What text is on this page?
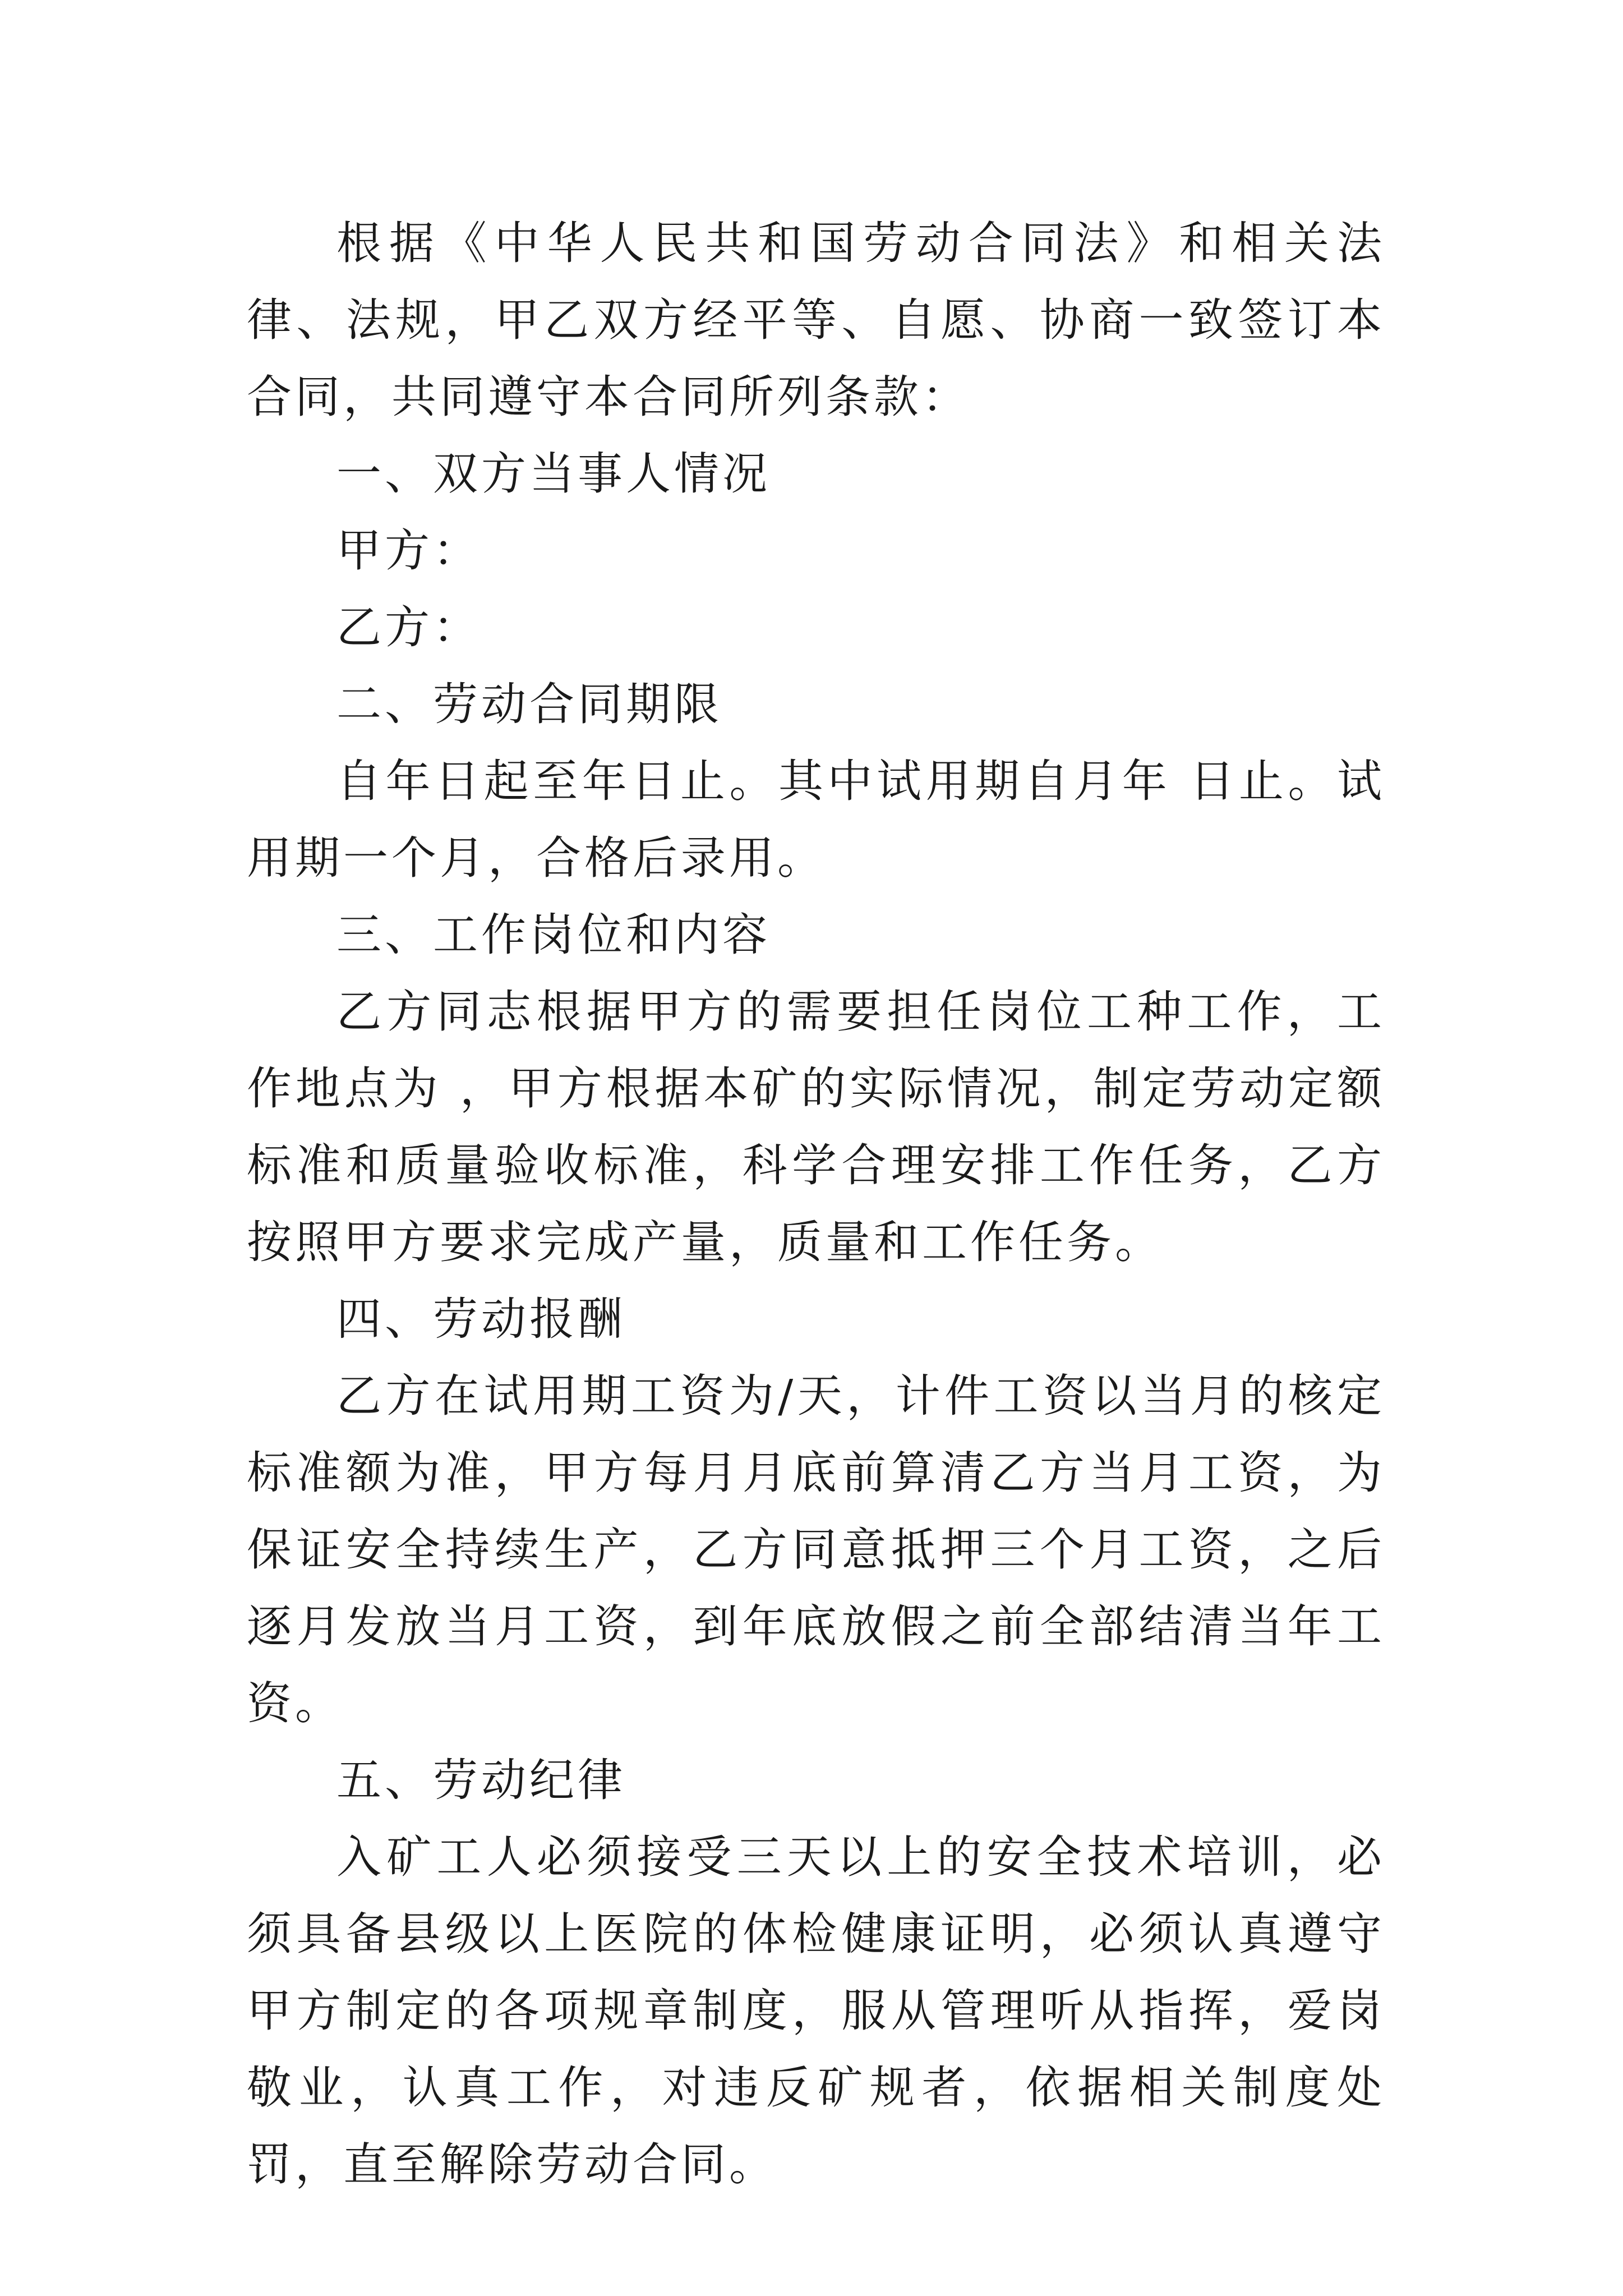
根据《中华人民共和国劳动合同法》和相关法律、法规，甲乙双方经平等、自愿、协商一致签订本合同，共同遵守本合同所列条款：

一、双方当事人情况

甲方：

乙方：

二、劳动合同期限

自年日起至年日止。其中试用期自月年 日止。试用期一个月，合格后录用。

三、工作岗位和内容

乙方同志根据甲方的需要担任岗位工种工作，工作地点为 ，甲方根据本矿的实际情况，制定劳动定额标准和质量验收标准，科学合理安排工作任务，乙方按照甲方要求完成产量，质量和工作任务。

四、劳动报酬

乙方在试用期工资为/天，计件工资以当月的核定标准额为准，甲方每月月底前算清乙方当月工资，为保证安全持续生产，乙方同意抵押三个月工资，之后逐月发放当月工资，到年底放假之前全部结清当年工资。

五、劳动纪律

入矿工人必须接受三天以上的安全技术培训，必须具备县级以上医院的体检健康证明，必须认真遵守甲方制定的各项规章制度，服从管理听从指挥，爱岗敬业，认真工作，对违反矿规者，依据相关制度处罚，直至解除劳动合同。
